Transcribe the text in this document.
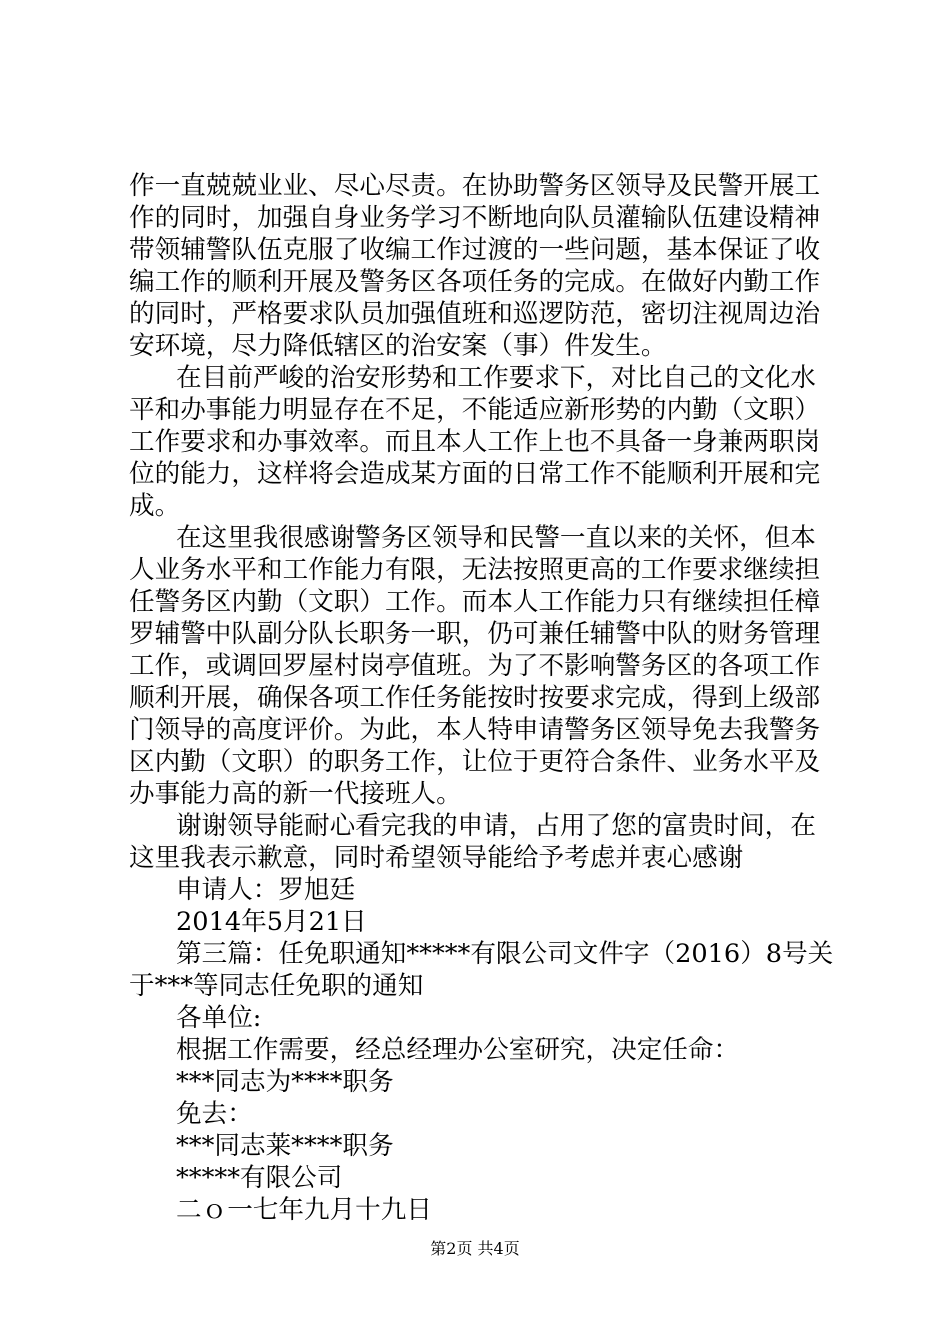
作一直兢兢业业、尽心尽责。在协助警务区领导及民警开展工
作的同时，加强自身业务学习不断地向队员灌输队伍建设精神
带领辅警队伍克服了收编工作过渡的一些问题，基本保证了收
编工作的顺利开展及警务区各项任务的完成。在做好内勤工作
的同时，严格要求队员加强值班和巡逻防范，密切注视周边治
安环境，尽力降低辖区的治安案（事）件发生。
在目前严峻的治安形势和工作要求下，对比自己的文化水
平和办事能力明显存在不足，不能适应新形势的内勤（文职）
工作要求和办事效率。而且本人工作上也不具备一身兼两职岗
位的能力，这样将会造成某方面的日常工作不能顺利开展和完
成。
在这里我很感谢警务区领导和民警一直以来的关怀，但本
人业务水平和工作能力有限，无法按照更高的工作要求继续担
任警务区内勤（文职）工作。而本人工作能力只有继续担任樟
罗辅警中队副分队长职务一职，仍可兼任辅警中队的财务管理
工作，或调回罗屋村岗亭值班。为了不影响警务区的各项工作
顺利开展，确保各项工作任务能按时按要求完成，得到上级部
门领导的高度评价。为此，本人特申请警务区领导免去我警务
区内勤（文职）的职务工作，让位于更符合条件、业务水平及
办事能力高的新一代接班人。
谢谢领导能耐心看完我的申请，占用了您的富贵时间，在
这里我表示歉意，同时希望领导能给予考虑并衷心感谢
申请人：罗旭廷
2014年5月21日
第三篇：任免职通知*****有限公司文件字（2016）8号关
于***等同志任免职的通知
各单位:
根据工作需要，经总经理办公室研究，决定任命：
***同志为****职务
免去：
***同志莱****职务
*****有限公司
二ｏ一七年九月十九日
第2页 共4页
